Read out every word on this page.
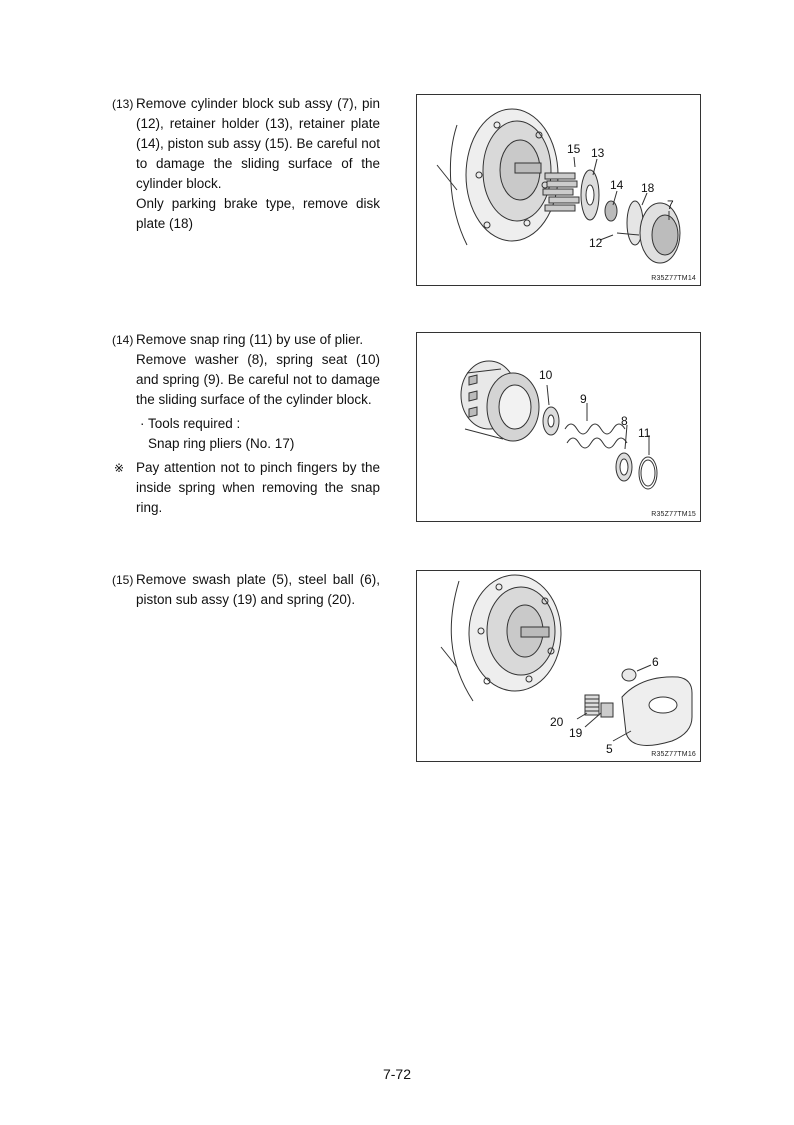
(13) Remove cylinder block sub assy (7), pin (12), retainer holder (13), retainer plate (14), piston sub assy (15). Be careful not to damage the sliding surface of the cylinder block.

Only parking brake type, remove disk plate (18)

(14) Remove snap ring (11) by use of plier.

Remove washer (8), spring seat (10) and spring (9). Be careful not to damage the sliding surface of the cylinder block.

· Tools required :

Snap ring pliers (No. 17)

※ Pay attention not to pinch fingers by the inside spring when removing the snap ring.

(15) Remove swash plate (5), steel ball (6), piston sub assy (19) and spring (20).

15 13
14 18
7
12
R35Z77TM14
10
9
8
11
R35Z77TM15
6
20
19
5	R35Z77TM16
7-72
